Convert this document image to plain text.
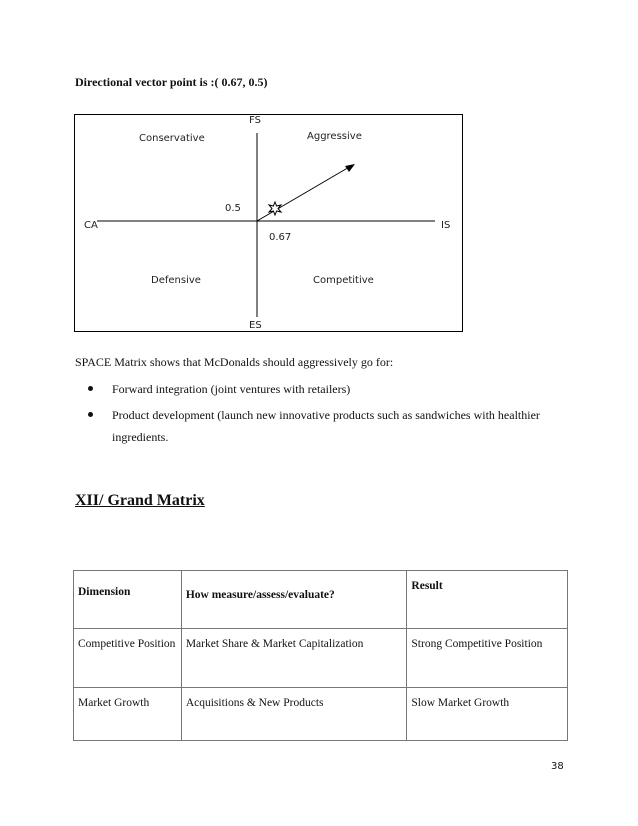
Directional vector point is :( 0.67, 0.5)
FS
ES
CA	IS
Conservative	Aggressive
Defensive	Competitive
0.5
0.67
SPACE Matrix shows that McDonalds should aggressively go for:
Forward integration (joint ventures with retailers)
Product development (launch new innovative products such as sandwiches with healthier ingredients.
XII/ Grand Matrix
Dimension	How measure/assess/evaluate?	Result
Competitive Position	Market Share & Market Capitalization	Strong Competitive Position
Market Growth	Acquisitions & New Products	Slow Market Growth
38
